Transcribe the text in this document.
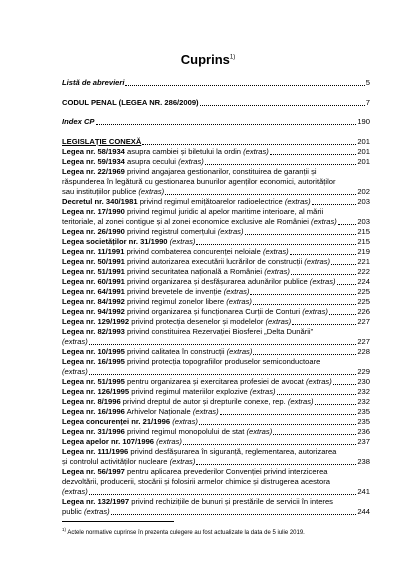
Cuprins$^{1)}$
Listă de abrevieri	5
CODUL PENAL (LEGEA NR. 286/2009)	7
Index CP	190
LEGISLAȚIE CONEXĂ	201
Legea nr. 58/1934 asupra cambiei și biletului la ordin (extras)	201
Legea nr. 59/1934 asupra cecului (extras)	201
Legea nr. 22/1969 privind angajarea gestionarilor, constituirea de garanții și
răspunderea în legătură cu gestionarea bunurilor agenților economici, autorităților
sau instituțiilor publice (extras)	202
Decretul nr. 340/1981 privind regimul emițătoarelor radioelectrice (extras)	203
Legea nr. 17/1990 privind regimul juridic al apelor maritime interioare, al mării
teritoriale, al zonei contigue și al zonei economice exclusive ale României (extras)	203
Legea nr. 26/1990 privind registrul comerțului (extras)	215
Legea societăților nr. 31/1990 (extras)	215
Legea nr. 11/1991 privind combaterea concurenței neloiale (extras)	219
Legea nr. 50/1991 privind autorizarea executării lucrărilor de construcții (extras)	221
Legea nr. 51/1991 privind securitatea națională a României (extras)	222
Legea nr. 60/1991 privind organizarea și desfășurarea adunărilor publice (extras)	224
Legea nr. 64/1991 privind brevetele de invenție (extras)	225
Legea nr. 84/1992 privind regimul zonelor libere (extras)	225
Legea nr. 94/1992 privind organizarea și funcționarea Curții de Conturi (extras)	226
Legea nr. 129/1992 privind protecția desenelor și modelelor (extras)	227
Legea nr. 82/1993 privind constituirea Rezervației Biosferei „Delta Dunării”
(extras)	227
Legea nr. 10/1995 privind calitatea în construcții (extras)	228
Legea nr. 16/1995 privind protecția topografiilor produselor semiconductoare
(extras)	229
Legea nr. 51/1995 pentru organizarea și exercitarea profesiei de avocat (extras)	230
Legea nr. 126/1995 privind regimul materiilor explozive (extras)	232
Legea nr. 8/1996 privind dreptul de autor și drepturile conexe, rep. (extras)	232
Legea nr. 16/1996 Arhivelor Naționale (extras)	235
Legea concurenței nr. 21/1996 (extras)	235
Legea nr. 31/1996 privind regimul monopolului de stat (extras)	236
Legea apelor nr. 107/1996 (extras)	237
Legea nr. 111/1996 privind desfășurarea în siguranță, reglementarea, autorizarea
și controlul activităților nucleare (extras)	238
Legea nr. 56/1997 pentru aplicarea prevederilor Convenției privind interzicerea
dezvoltării, producerii, stocării și folosirii armelor chimice și distrugerea acestora
(extras)	241
Legea nr. 132/1997 privind rechizițiile de bunuri și prestările de servicii în interes
public (extras)	244
$^{1)}$ Actele normative cuprinse în prezenta culegere au fost actualizate la data de 5 iulie 2019.
